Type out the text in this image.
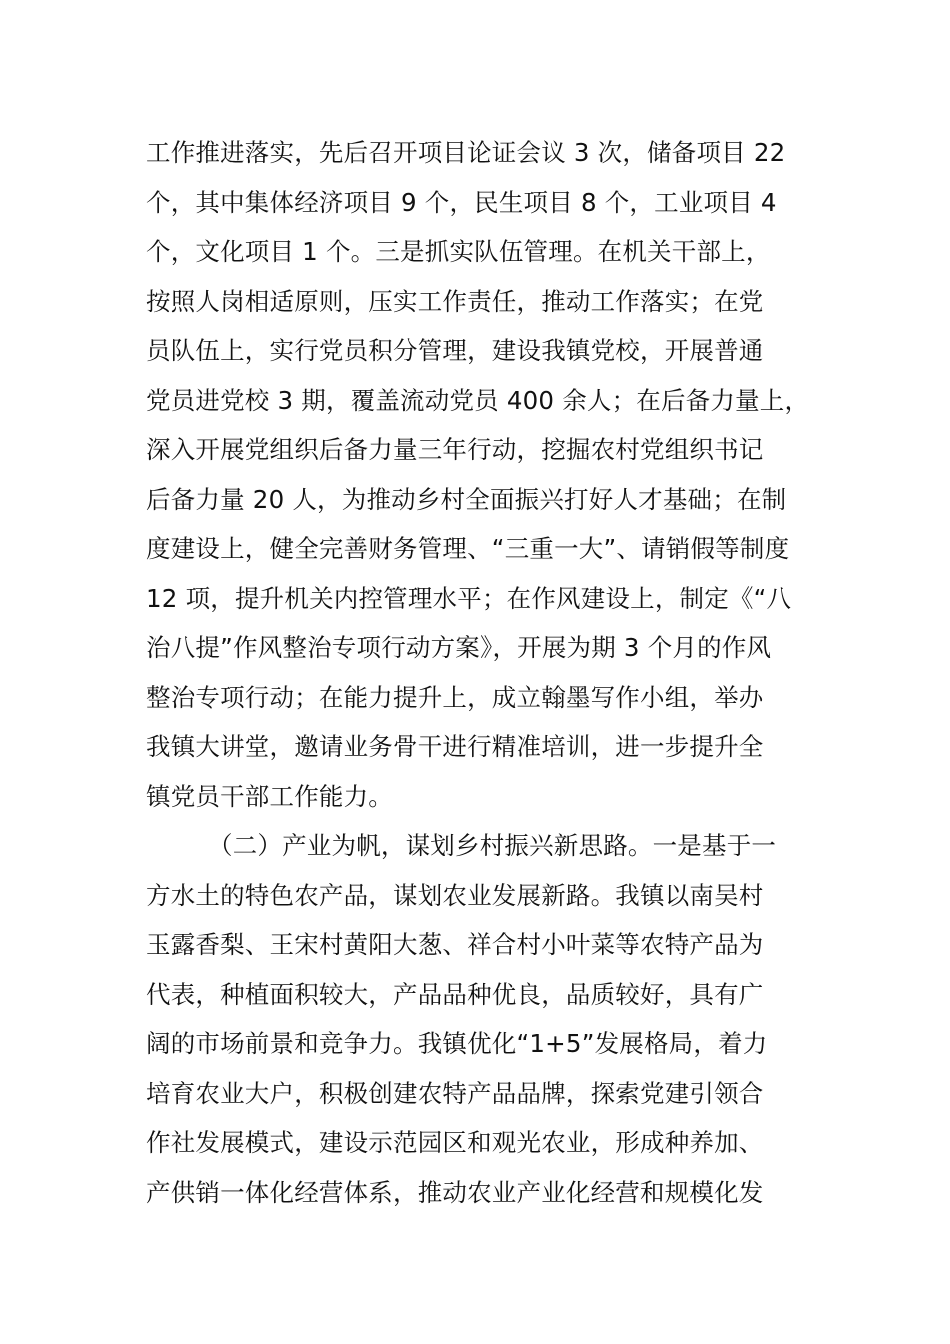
工作推进落实，先后召开项目论证会议 3 次，储备项目 22
个，其中集体经济项目 9 个，民生项目 8 个，工业项目 4
个，文化项目 1 个。三是抓实队伍管理。在机关干部上，
按照人岗相适原则，压实工作责任，推动工作落实；在党
员队伍上，实行党员积分管理，建设我镇党校，开展普通
党员进党校 3 期，覆盖流动党员 400 余人；在后备力量上，
深入开展党组织后备力量三年行动，挖掘农村党组织书记
后备力量 20 人，为推动乡村全面振兴打好人才基础；在制
度建设上，健全完善财务管理、“三重一大”、请销假等制度
12 项，提升机关内控管理水平；在作风建设上，制定《“八
治八提”作风整治专项行动方案》，开展为期 3 个月的作风
整治专项行动；在能力提升上，成立翰墨写作小组，举办
我镇大讲堂，邀请业务骨干进行精准培训，进一步提升全
镇党员干部工作能力。
（二）产业为帆，谋划乡村振兴新思路。一是基于一
方水土的特色农产品，谋划农业发展新路。我镇以南吴村
玉露香梨、王宋村黄阳大葱、祥合村小叶菜等农特产品为
代表，种植面积较大，产品品种优良，品质较好，具有广
阔的市场前景和竞争力。我镇优化“1+5”发展格局，着力
培育农业大户，积极创建农特产品品牌，探索党建引领合
作社发展模式，建设示范园区和观光农业，形成种养加、
产供销一体化经营体系，推动农业产业化经营和规模化发
